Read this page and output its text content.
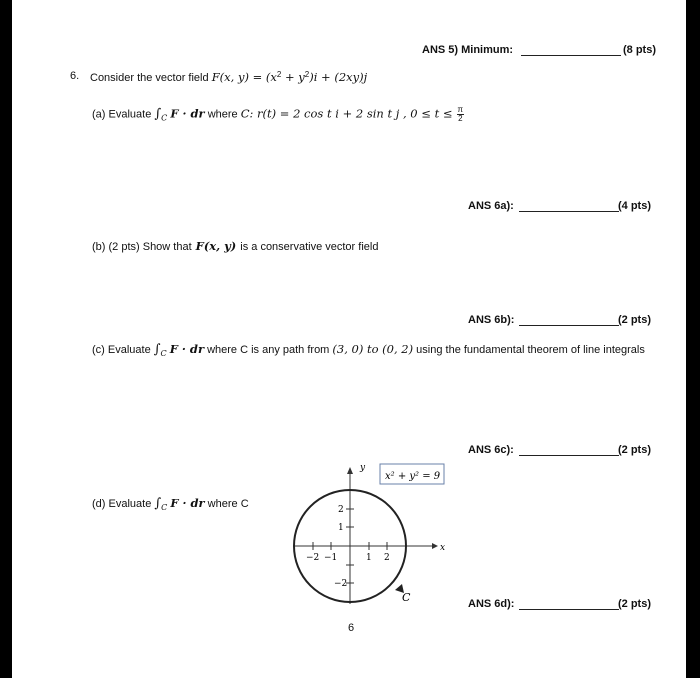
ANS 5) Minimum:	(8 pts)
6. Consider the vector field F(x, $y) = (x^2 + y^2)i + (2xy)j$
(a) Evaluate $\int_C$ F · dr where C: r(t) = 2 cos t i + 2 sin t j , $0 \le t \le \frac{\pi}{2}$
ANS 6a):	(4 pts)
(b) (2 pts) Show that F(x, y) is a conservative vector field
ANS 6b):	(2 pts)
(c) Evaluate $\int_C$ F · dr where C is any path from (3, 0) to (0, 2) using the fundamental theorem of line integrals
ANS 6c):	(2 pts)
(d) Evaluate $\int_C$ F · dr where C
−2 −1	1 2
2
1
−2
y
x
x² + y² = 9
C	ANS 6d):	(2 pts)
6
